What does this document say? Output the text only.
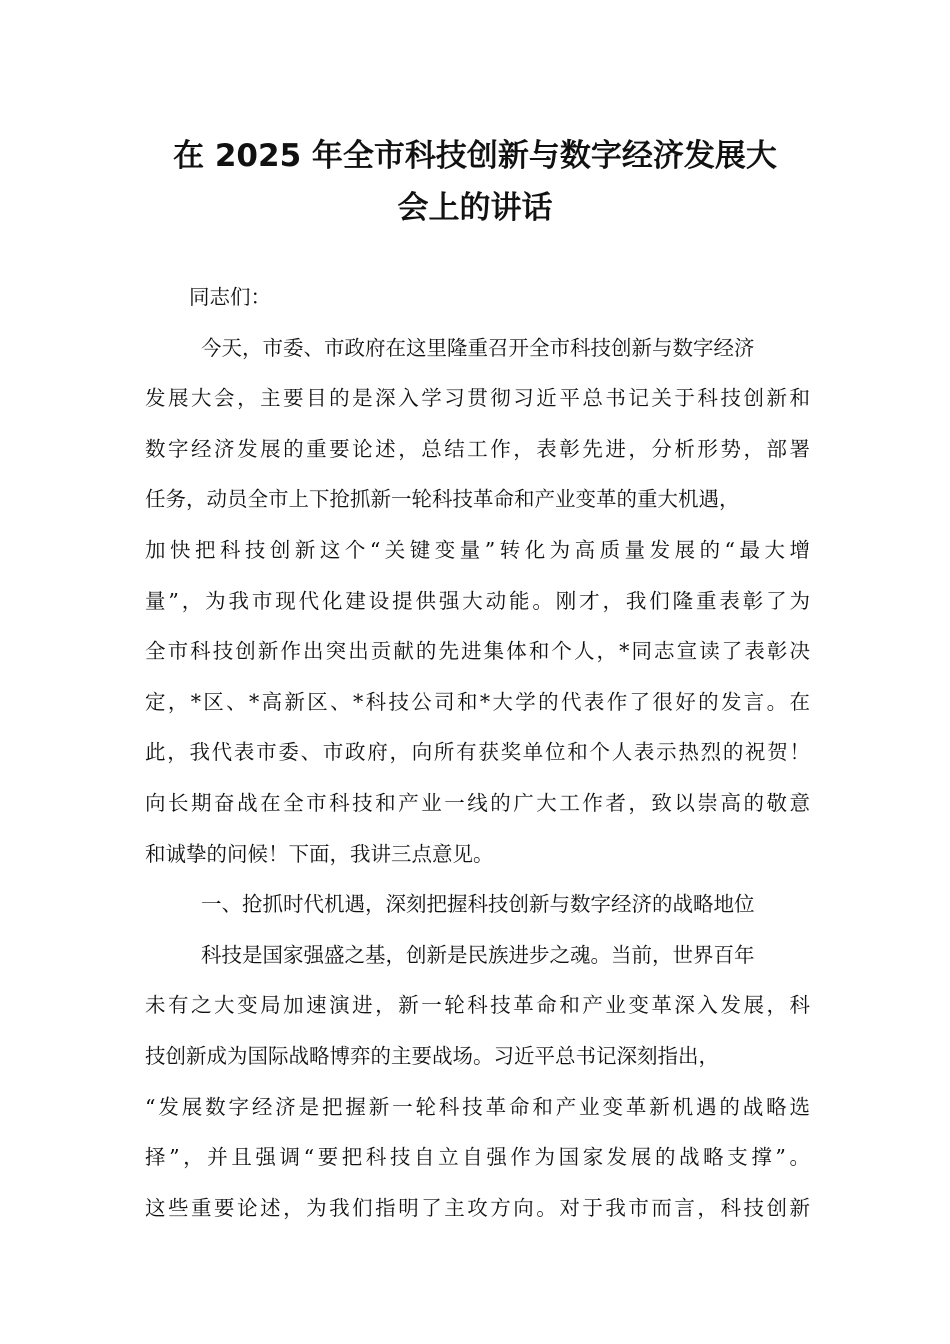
在 2025 年全市科技创新与数字经济发展大
会上的讲话
同志们：
今天，市委、市政府在这里隆重召开全市科技创新与数字经济
发展大会，主要目的是深入学习贯彻习近平总书记关于科技创新和
数字经济发展的重要论述，总结工作，表彰先进，分析形势，部署
任务，动员全市上下抢抓新一轮科技革命和产业变革的重大机遇，
加快把科技创新这个“关键变量”转化为高质量发展的“最大增
量”，为我市现代化建设提供强大动能。刚才，我们隆重表彰了为
全市科技创新作出突出贡献的先进集体和个人，*同志宣读了表彰决
定，*区、*高新区、*科技公司和*大学的代表作了很好的发言。在
此，我代表市委、市政府，向所有获奖单位和个人表示热烈的祝贺！
向长期奋战在全市科技和产业一线的广大工作者，致以崇高的敬意
和诚挚的问候！下面，我讲三点意见。
一、抢抓时代机遇，深刻把握科技创新与数字经济的战略地位
科技是国家强盛之基，创新是民族进步之魂。当前，世界百年
未有之大变局加速演进，新一轮科技革命和产业变革深入发展，科
技创新成为国际战略博弈的主要战场。习近平总书记深刻指出，
“发展数字经济是把握新一轮科技革命和产业变革新机遇的战略选
择”，并且强调“要把科技自立自强作为国家发展的战略支撑”。
这些重要论述，为我们指明了主攻方向。对于我市而言，科技创新
